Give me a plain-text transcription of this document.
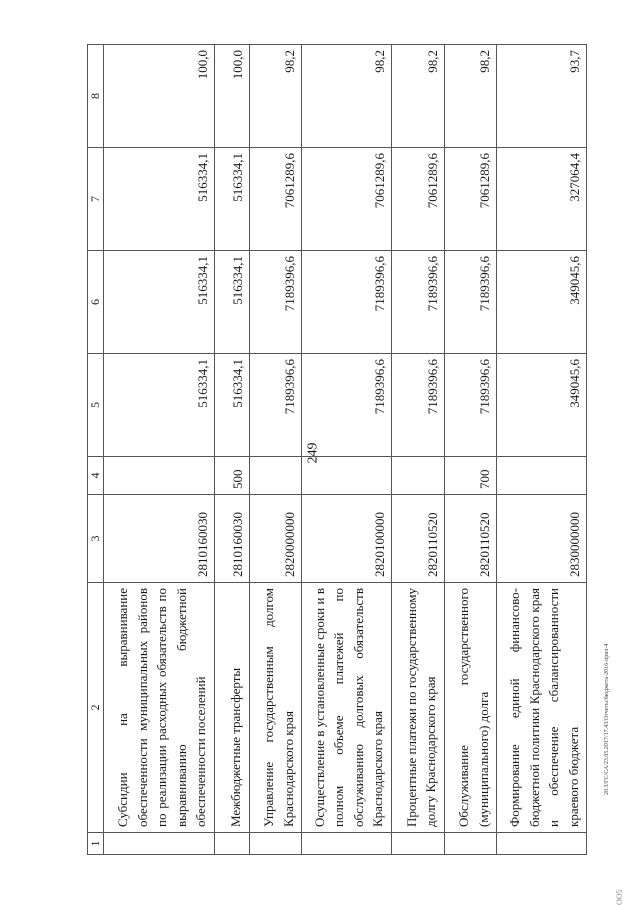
249
1	2	3	4	5	6	7	8
	Субсидии на выравнивание обеспеченности муниципальных районов по реализации расходных обязательств по выравниванию бюджетной обеспеченности поселений	2810160030		516334,1	516334,1	516334,1	100,0
	Межбюджетные трансферты	2810160030	500	516334,1	516334,1	516334,1	100,0
	Управление государственным долгом Краснодарского края	2820000000		7189396,6	7189396,6	7061289,6	98,2
	Осуществление в установленные сроки и в полном объеме платежей по обслуживанию долговых обязательств Краснодарского края	2820100000		7189396,6	7189396,6	7061289,6	98,2
	Процентные платежи по государственному долгу Краснодарского края	2820110520		7189396,6	7189396,6	7061289,6	98,2
	Обслуживание государственного (муниципального) долга	2820110520	700	7189396,6	7189396,6	7061289,6	98,2
	Формирование единой финансово-бюджетной политики Краснодарского края и обеспечение сбалансированности краевого бюджета	2830000000		349045,6	349045,6	327064,4	93,7
20.3/ГС/СА/23.05.2017/17.43/Отчеты/бюджета-2016-прил-4
ОО5
